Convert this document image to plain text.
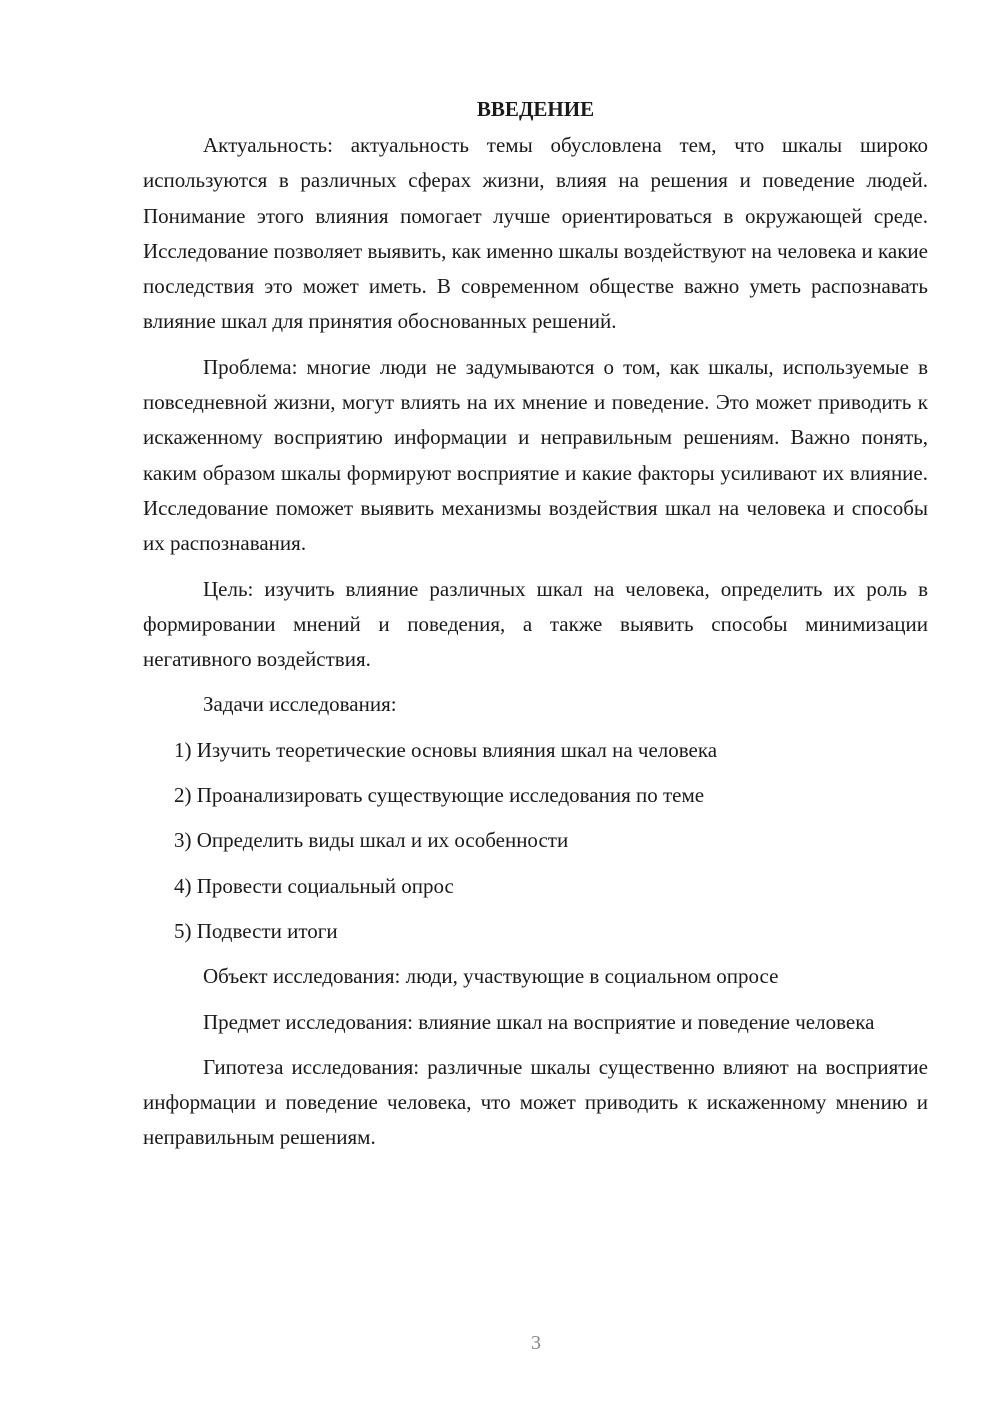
ВВЕДЕНИЕ

Актуальность: актуальность темы обусловлена тем, что шкалы широко используются в различных сферах жизни, влияя на решения и поведение людей. Понимание этого влияния помогает лучше ориентироваться в окружающей среде. Исследование позволяет выявить, как именно шкалы воздействуют на человека и какие последствия это может иметь. В современном обществе важно уметь распознавать влияние шкал для принятия обоснованных решений.

Проблема: многие люди не задумываются о том, как шкалы, используемые в повседневной жизни, могут влиять на их мнение и поведение. Это может приводить к искаженному восприятию информации и неправильным решениям. Важно понять, каким образом шкалы формируют восприятие и какие факторы усиливают их влияние. Исследование поможет выявить механизмы воздействия шкал на человека и способы их распознавания.

Цель: изучить влияние различных шкал на человека, определить их роль в формировании мнений и поведения, а также выявить способы минимизации негативного воздействия.

Задачи исследования:

1) Изучить теоретические основы влияния шкал на человека
2) Проанализировать существующие исследования по теме
3) Определить виды шкал и их особенности
4) Провести социальный опрос
5) Подвести итоги

Объект исследования: люди, участвующие в социальном опросе

Предмет исследования: влияние шкал на восприятие и поведение человека

Гипотеза исследования: различные шкалы существенно влияют на восприятие информации и поведение человека, что может приводить к искаженному мнению и неправильным решениям.

3
